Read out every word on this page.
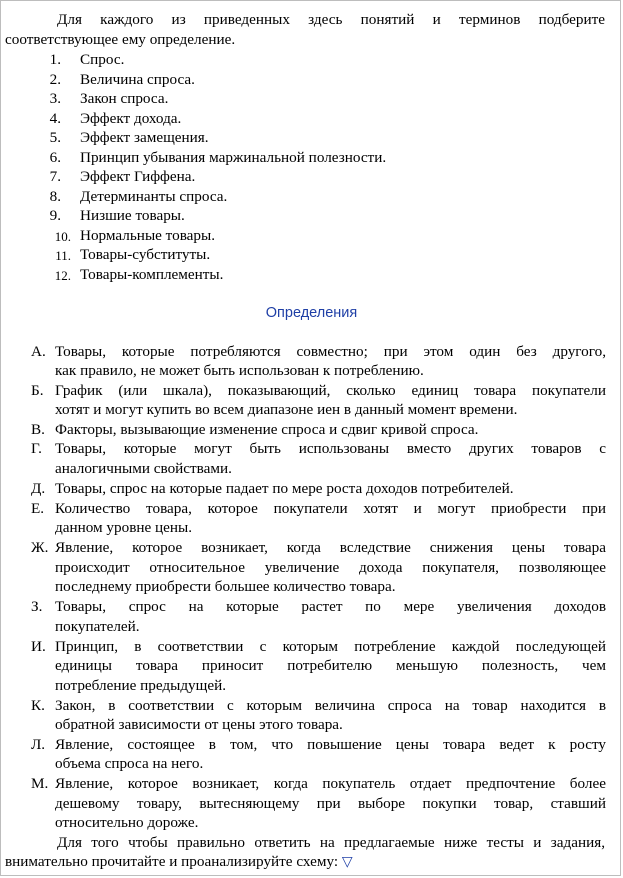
Для каждого из приведенных здесь понятий и терминов подберите
соответствующее ему определение.
1. Спрос.
2. Величина спроса.
3. Закон спроса.
4. Эффект дохода.
5. Эффект замещения.
6. Принцип убывания маржинальной полезности.
7. Эффект Гиффена.
8. Детерминанты спроса.
9. Низшие товары.
10. Нормальные товары.
11. Товары-субституты.
12. Товары-комплементы.
Определения
А. Товары, которые потребляются совместно; при этом один без другого,
как правило, не может быть использован к потреблению.
Б. График (или шкала), показывающий, сколько единиц товара покупатели
хотят и могут купить во всем диапазоне иен в данный момент времени.
В. Факторы, вызывающие изменение спроса и сдвиг кривой спроса.
Г. Товары, которые могут быть использованы вместо других товаров с
аналогичными свойствами.
Д. Товары, спрос на которые падает по мере роста доходов потребителей.
Е. Количество товара, которое покупатели хотят и могут приобрести при
данном уровне цены.
Ж. Явление, которое возникает, когда вследствие снижения цены товара
происходит относительное увеличение дохода покупателя, позволяющее
последнему приобрести большее количество товара.
З. Товары, спрос на которые растет по мере увеличения доходов
покупателей.
И. Принцип, в соответствии с которым потребление каждой последующей
единицы товара приносит потребителю меньшую полезность, чем
потребление предыдущей.
К. Закон, в соответствии с которым величина спроса на товар находится в
обратной зависимости от цены этого товара.
Л. Явление, состоящее в том, что повышение цены товара ведет к росту
объема спроса на него.
М. Явление, которое возникает, когда покупатель отдает предпочтение более
дешевому товару, вытесняющему при выборе покупки товар, ставший
относительно дороже.
Для того чтобы правильно ответить на предлагаемые ниже тесты и задания,
внимательно прочитайте и проанализируйте схему: ▽
